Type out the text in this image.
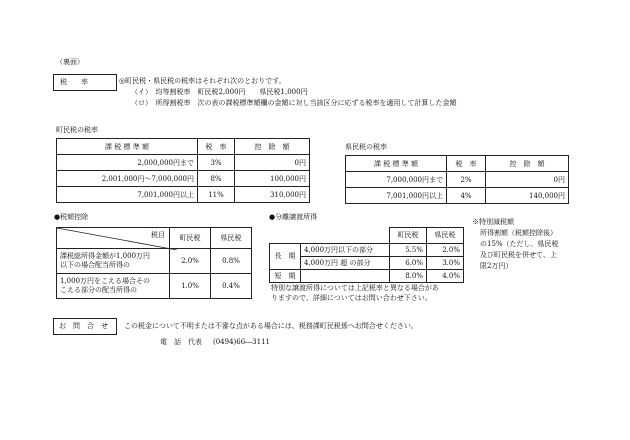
（裏面）
税　　率	◎町民税・県民税の税率はそれぞれ次のとおりです。
（イ）　均等割税率　町民税2,000円　　県民税1,000円
（ロ）　所得割税率　次の表の課税標準額欄の金額に対し当該区分に応ずる税率を適用して計算した金額
町民税の税率
課 税 標 準 額	税　率	控　除　額
2,000,000円まで	3%	0円
2,001,000円～7,000,000円	8%	100,000円
7,001,000円以上	11%	310,000円
県民税の税率
課 税 標 準 額	税　率	控　除　額
7,000,000円まで	2%	0円
7,001,000円以上	4%	140,000円
●税額控除
税目	町民税	県民税
課税総所得金額が1,000万円
以下の場合配当所得の	2.0%	0.8%
1,000万円をこえる場合その
こえる部分の配当所得の	1.0%	0.4%
●分離譲渡所得
		町民税	県民税
長　期	4,000万円以下の部分	5.5%	2.0%
	4,000万円 超 の部分	6.0%	3.0%
短　期		8.0%	4.0%
特別な譲渡所得については上記税率と異なる場合があ
りますので、詳細についてはお問い合わせ下さい。
※特別減税額
所得割額（税額控除後）
の15%（ただし、県民税
及び町民税を併せて、上
限2万円）
お　問　合　せ この税金について不明または不審な点がある場合には、税務課町民税係へお問合せください。
電　話　代表 (0494)66―3111
